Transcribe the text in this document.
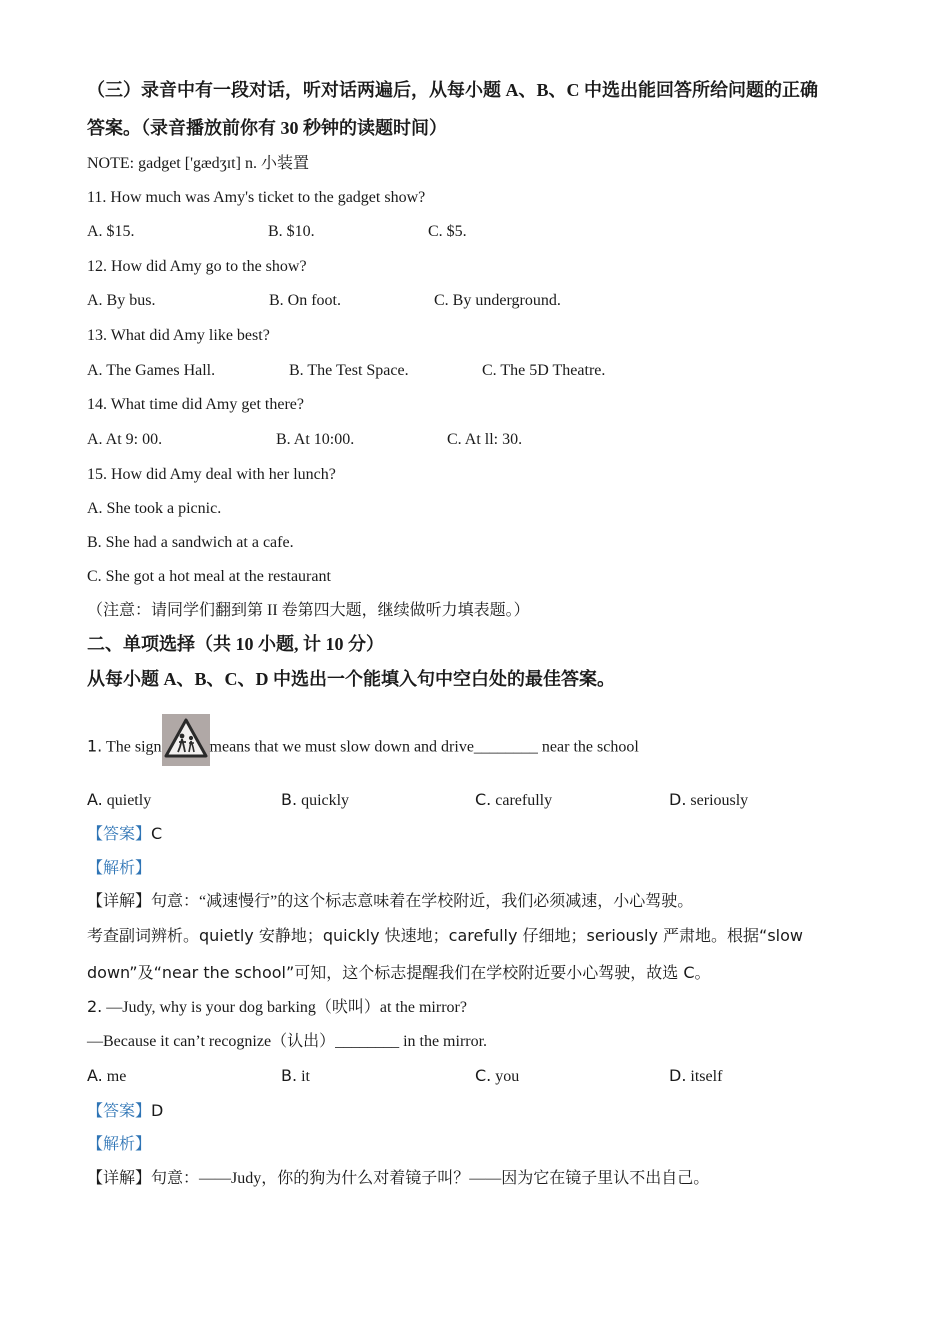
（三）录音中有一段对话，听对话两遍后，从每小题 A、B、C 中选出能回答所给问题的正确
答案。（录音播放前你有 30 秒钟的读题时间）
NOTE: gadget ['gædʒɪt] n. 小装置
11. How much was Amy's ticket to the gadget show?
A. $15.	B. $10.	C. $5.
12. How did Amy go to the show?
A. By bus.	B. On foot.	C. By underground.
13. What did Amy like best?
A. The Games Hall.	B. The Test Space.	C. The 5D Theatre.
14. What time did Amy get there?
A. At 9: 00.	B. At 10:00.	C. At ll: 30.
15. How did Amy deal with her lunch?
A. She took a picnic.
B. She had a sandwich at a cafe.
C. She got a hot meal at the restaurant
（注意：请同学们翻到第 II 卷第四大题，继续做听力填表题。）
二、单项选择（共 10 小题, 计 10 分）
从每小题 A、B、C、D 中选出一个能填入句中空白处的最佳答案。
1. The sign	means that we must slow down and drive________ near the school
A. quietly	B. quickly	C. carefully	D. seriously
【答案】C
【解析】
【详解】句意：“减速慢行”的这个标志意味着在学校附近，我们必须减速，小心驾驶。
考查副词辨析。quietly 安静地；quickly 快速地；carefully 仔细地；seriously 严肃地。根据“slow
down”及“near the school”可知，这个标志提醒我们在学校附近要小心驾驶，故选 C。
2. —Judy, why is your dog barking（吠叫）at the mirror?
—Because it can’t recognize（认出）________ in the mirror.
A. me	B. it	C. you	D. itself
【答案】D
【解析】
【详解】句意：——Judy，你的狗为什么对着镜子叫？——因为它在镜子里认不出自己。
